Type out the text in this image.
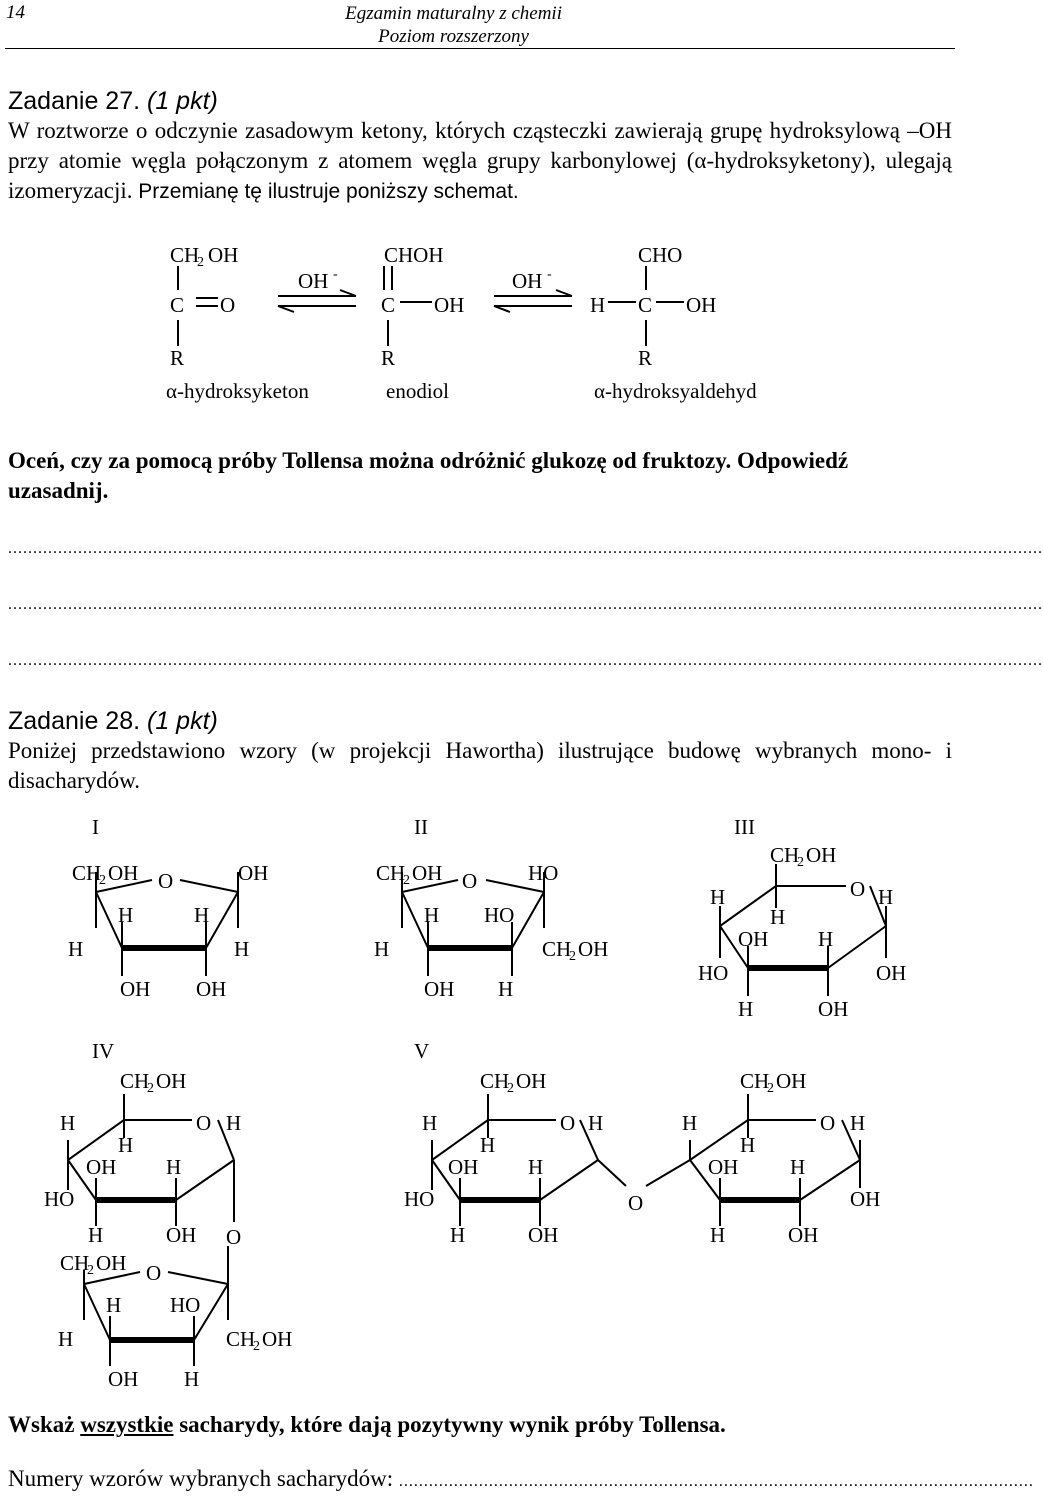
14	Egzamin maturalny z chemii
Poziom rozszerzony
Zadanie 27. (1 pkt)
W roztworze o odczynie zasadowym ketony, których cząsteczki zawierają grupę hydroksylową –OH przy atomie węgla połączonym z atomem węgla grupy karbonylowej (α-hydroksyketony), ulegają izomeryzacji. Przemianę tę ilustruje poniższy schemat.
CH
2 OH
C O
R
OH -
CHOH
C OH
R
OH -
CHO
H C OH
R
α-hydroksyketon	enodiol	α-hydroksyaldehyd
Oceń, czy za pomocą próby Tollensa można odróżnić glukozę od fruktozy. Odpowiedź uzasadnij.
...............................................................................................................................................................................................................
...............................................................................................................................................................................................................
...............................................................................................................................................................................................................
Zadanie 28. (1 pkt)
Poniżej przedstawiono wzory (w projekcji Hawortha) ilustrujące budowę wybranych mono- i disacharydów.
I	II	III
IV	V
CH
2 OH O	OH
H	H
H	H
OH OH
CH
2 OH O HO
H HO
H	CH
2 OH
OH H
CH
2 OH
O H
H
H
OH H
HO	OH
H	OH
CH
2 OH
O H
H
H
OH H
HO
H	OH O
CH
2 OH O
H HO
H	CH
2 OH
OH H
CH
2 OH
O H
H
H
OH H
HO
H	OH
O
CH
2 OH
O H
H
H
OH H
OH
H	OH
Wskaż wszystkie sacharydy, które dają pozytywny wynik próby Tollensa.
Numery wzorów wybranych sacharydów: ...............................................................................................................................
